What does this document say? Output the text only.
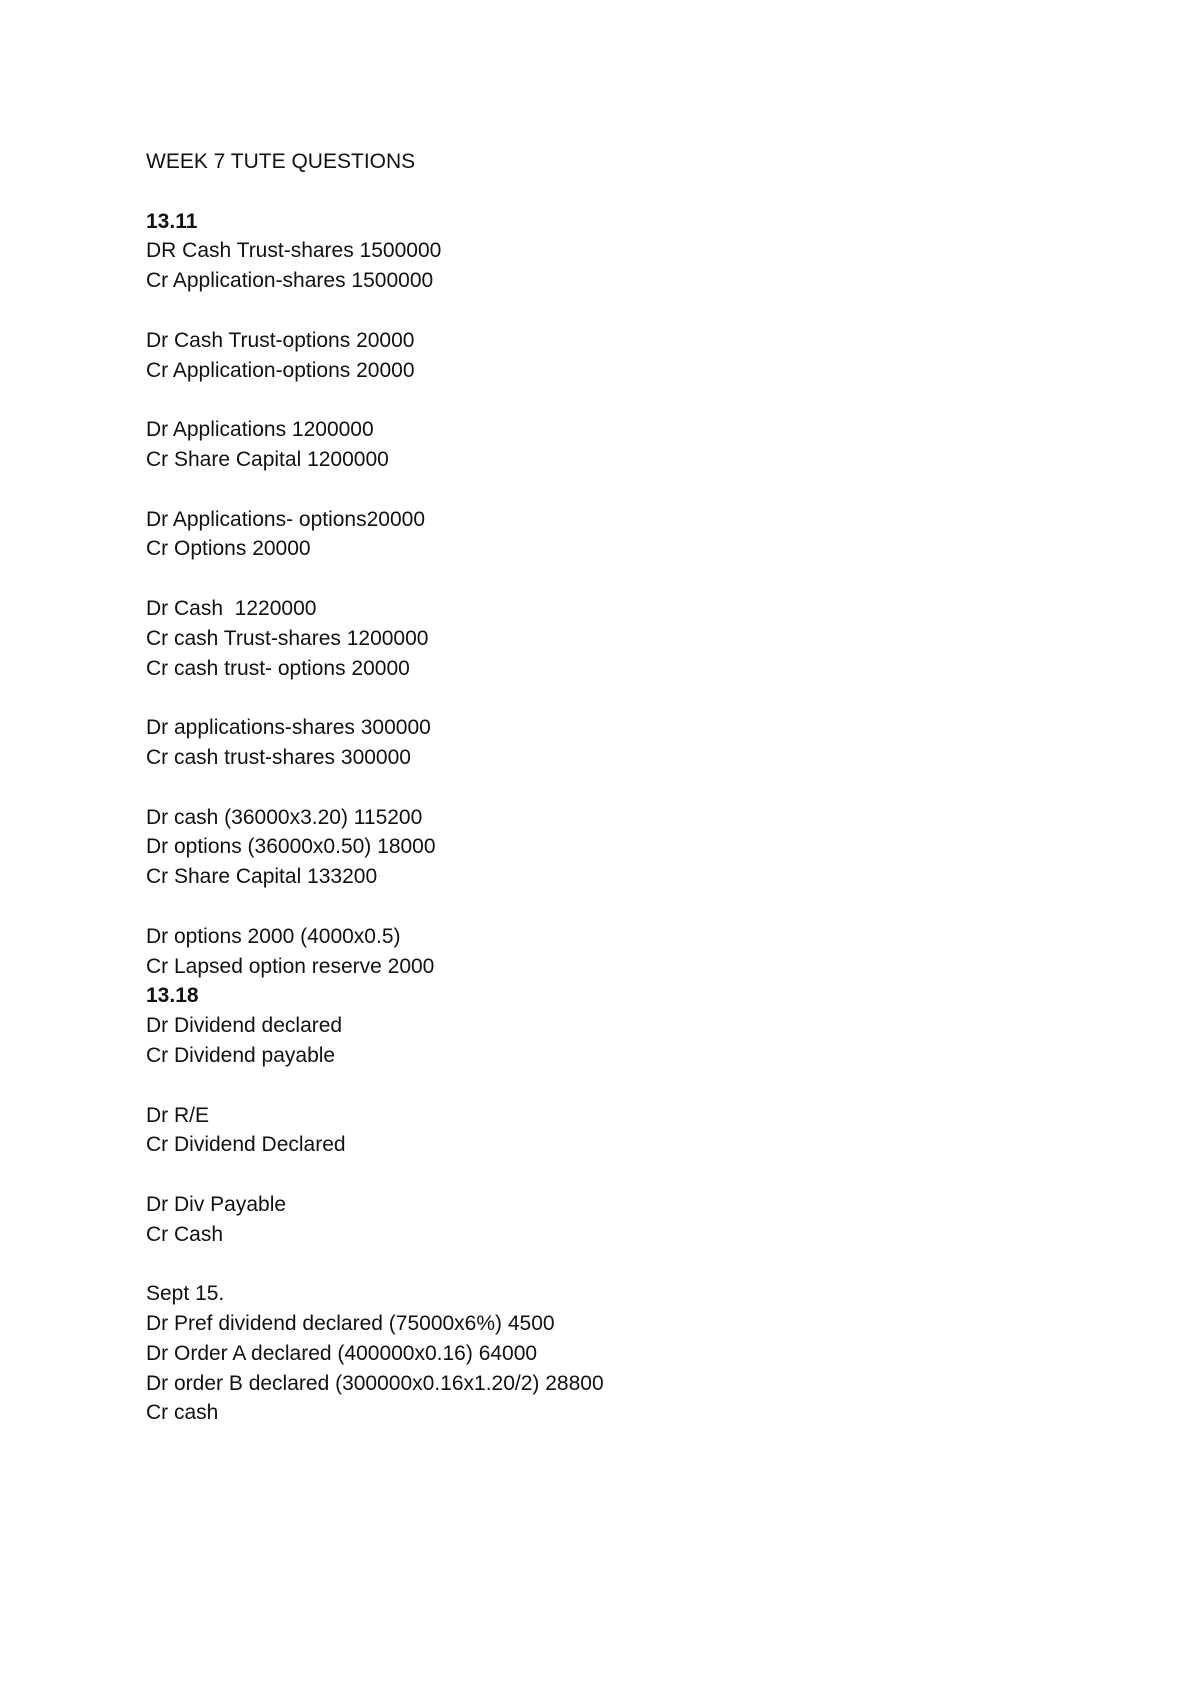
WEEK 7 TUTE QUESTIONS
13.11
DR Cash Trust-shares 1500000
Cr Application-shares 1500000
Dr Cash Trust-options 20000
Cr Application-options 20000
Dr Applications 1200000
Cr Share Capital 1200000
Dr Applications- options20000
Cr Options 20000
Dr Cash  1220000
Cr cash Trust-shares 1200000
Cr cash trust- options 20000
Dr applications-shares 300000
Cr cash trust-shares 300000
Dr cash (36000x3.20) 115200
Dr options (36000x0.50) 18000
Cr Share Capital 133200
Dr options 2000 (4000x0.5)
Cr Lapsed option reserve 2000
13.18
Dr Dividend declared
Cr Dividend payable
Dr R/E
Cr Dividend Declared
Dr Div Payable
Cr Cash
Sept 15.
Dr Pref dividend declared (75000x6%) 4500
Dr Order A declared (400000x0.16) 64000
Dr order B declared (300000x0.16x1.20/2) 28800
Cr cash
